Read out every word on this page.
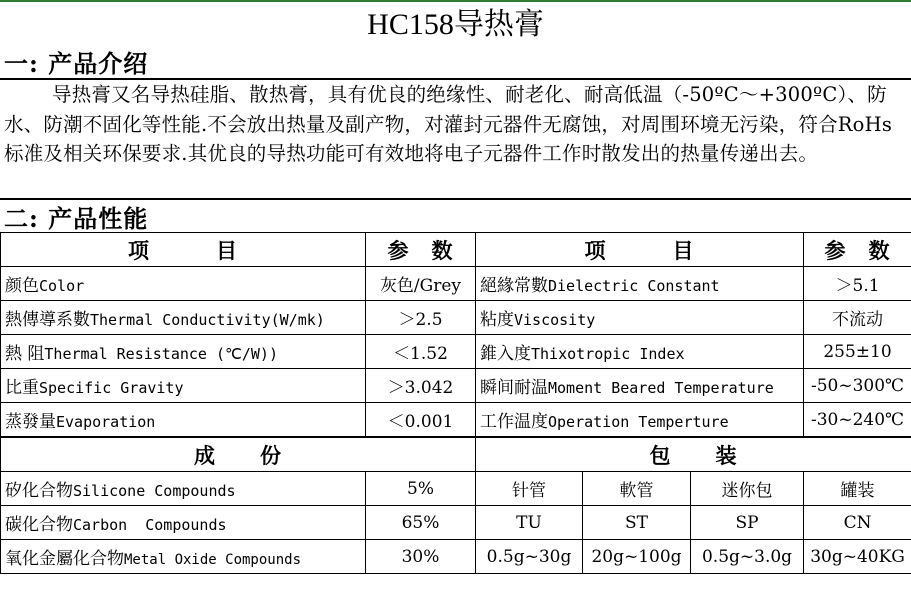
HC158导热膏
一: 产品介绍
导热膏又名导热硅脂、散热膏，具有优良的绝缘性、耐老化、耐高低温（-50ºC～+300ºC）、防水、防潮不固化等性能.不会放出热量及副产物，对灌封元器件无腐蚀，对周围环境无污染，符合RoHs标准及相关环保要求.其优良的导热功能可有效地将电子元器件工作时散发出的热量传递出去。
二: 产品性能
项　　　目	参　数	项　　　目			参　数
颜色Color	灰色/Grey	絕緣常數Dielectric Constant			＞5.1
熱傳導系數Thermal Conductivity(W/mk)	＞2.5	粘度Viscosity			不流动
熱 阻Thermal Resistance (℃/W))	＜1.52	錐入度Thixotropic Index			255±10
比重Specific Gravity	＞3.042	瞬间耐温Moment Beared Temperature			-50~300℃
蒸發量Evaporation	＜0.001	工作温度Operation Temperture			-30~240℃
成　　份		包　　装			
矽化合物Silicone Compounds	5%	针管	軟管	迷你包	罐装
碳化合物Carbon  Compounds	65%	TU	ST	SP	CN
氧化金屬化合物Metal Oxide Compounds	30%	0.5g~30g	20g~100g	0.5g~3.0g	30g~40KG
